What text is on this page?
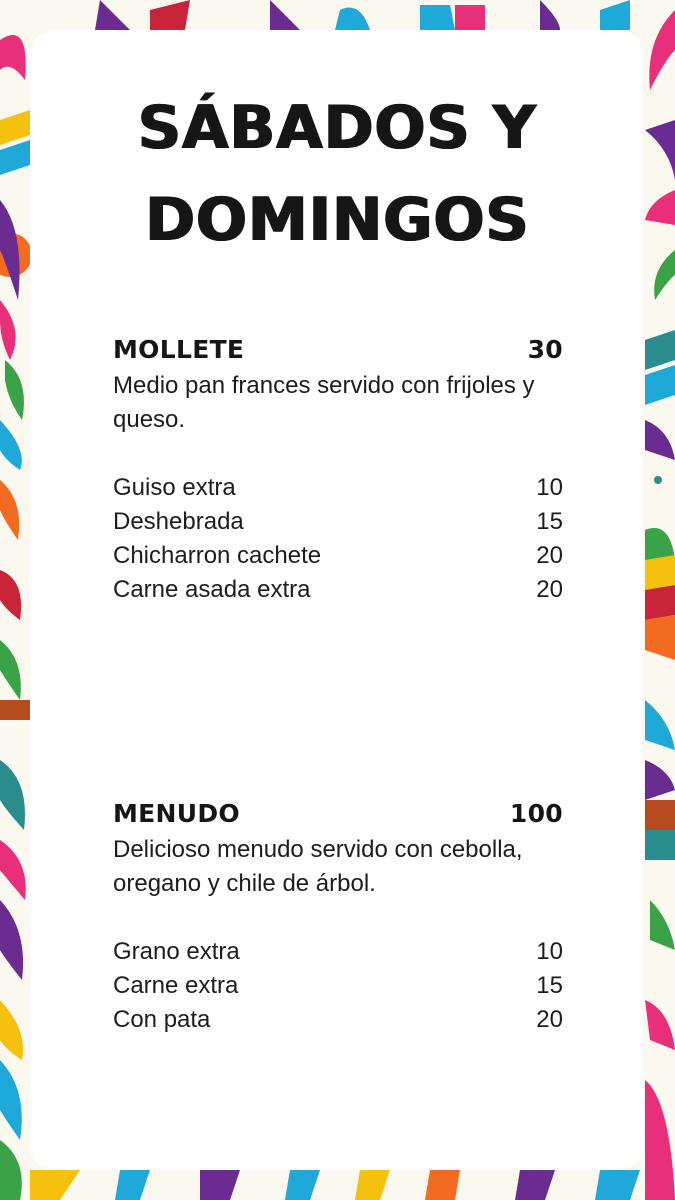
SÁBADOS Y
DOMINGOS
MOLLETE	30
Medio pan frances servido con frijoles y queso.
Guiso extra	10
Deshebrada	15
Chicharron cachete	20
Carne asada extra	20
MENUDO	100
Delicioso menudo servido con cebolla, oregano y chile de árbol.
Grano extra	10
Carne extra	15
Con pata	20
